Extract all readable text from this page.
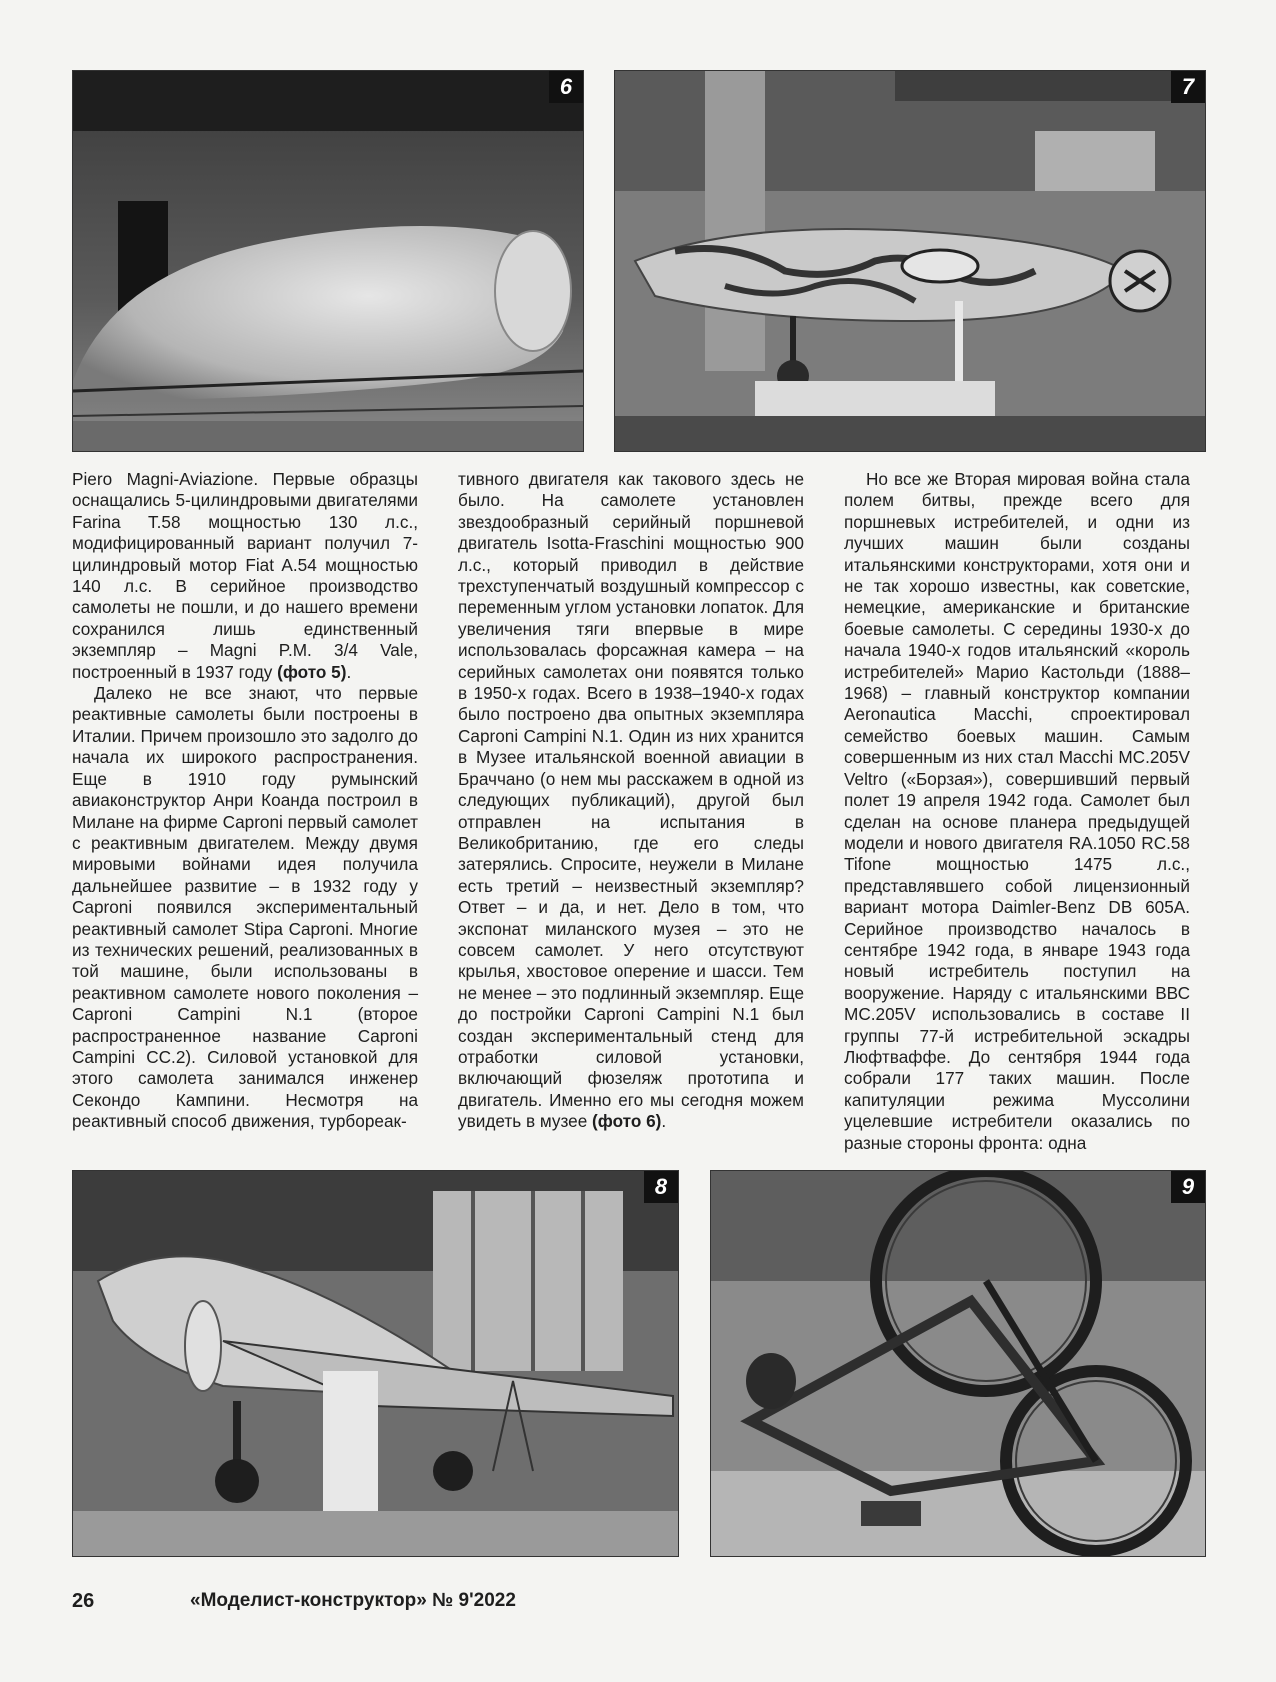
6	7

Piero Magni-Aviazione. Первые образцы оснащались 5-цилиндровыми двигателями Farina T.58 мощностью 130 л.с., модифицированный вариант получил 7-цилиндровый мотор Fiat A.54 мощностью 140 л.с. В серийное производство самолеты не пошли, и до нашего времени сохранился лишь единственный экземпляр – Magni P.M. 3/4 Vale, построенный в 1937 году (фото 5).

Далеко не все знают, что первые реактивные самолеты были построены в Италии. Причем произошло это задолго до начала их широкого распространения. Еще в 1910 году румынский авиаконструктор Анри Коанда построил в Милане на фирме Caproni первый самолет с реактивным двигателем. Между двумя мировыми войнами идея получила дальнейшее развитие – в 1932 году у Caproni появился экспериментальный реактивный самолет Stipa Caproni. Многие из технических решений, реализованных в той машине, были использованы в реактивном самолете нового поколения – Caproni Campini N.1 (второе распространенное название Caproni Campini CC.2). Силовой установкой для этого самолета занимался инженер Секондо Кампини. Несмотря на реактивный способ движения, турбореак-

тивного двигателя как такового здесь не было. На самолете установлен звездообразный серийный поршневой двигатель Isotta-Fraschini мощностью 900 л.с., который приводил в действие трехступенчатый воздушный компрессор с переменным углом установки лопаток. Для увеличения тяги впервые в мире использовалась форсажная камера – на серийных самолетах они появятся только в 1950-х годах. Всего в 1938–1940-х годах было построено два опытных экземпляра Caproni Campini N.1. Один из них хранится в Музее итальянской военной авиации в Браччано (о нем мы расскажем в одной из следующих публикаций), другой был отправлен на испытания в Великобританию, где его следы затерялись. Спросите, неужели в Милане есть третий – неизвестный экземпляр? Ответ – и да, и нет. Дело в том, что экспонат миланского музея – это не совсем самолет. У него отсутствуют крылья, хвостовое оперение и шасси. Тем не менее – это подлинный экземпляр. Еще до постройки Caproni Campini N.1 был создан экспериментальный стенд для отработки силовой установки, включающий фюзеляж прототипа и двигатель. Именно его мы сегодня можем увидеть в музее (фото 6).

Но все же Вторая мировая война стала полем битвы, прежде всего для поршневых истребителей, и одни из лучших машин были созданы итальянскими конструкторами, хотя они и не так хорошо известны, как советские, немецкие, американские и британские боевые самолеты. С середины 1930-х до начала 1940-х годов итальянский «король истребителей» Марио Кастольди (1888–1968) – главный конструктор компании Aeronautica Macchi, спроектировал семейство боевых машин. Самым совершенным из них стал Macchi MC.205V Veltro («Борзая»), совершивший первый полет 19 апреля 1942 года. Самолет был сделан на основе планера предыдущей модели и нового двигателя RA.1050 RC.58 Tifone мощностью 1475 л.с., представлявшего собой лицензионный вариант мотора Daimler-Benz DB 605A. Серийное производство началось в сентябре 1942 года, в январе 1943 года новый истребитель поступил на вооружение. Наряду с итальянскими ВВС MC.205V использовались в составе II группы 77-й истребительной эскадры Люфтваффе. До сентября 1944 года собрали 177 таких машин. После капитуляции режима Муссолини уцелевшие истребители оказались по разные стороны фронта: одна

8	9
26	«Моделист-конструктор» № 9'2022
